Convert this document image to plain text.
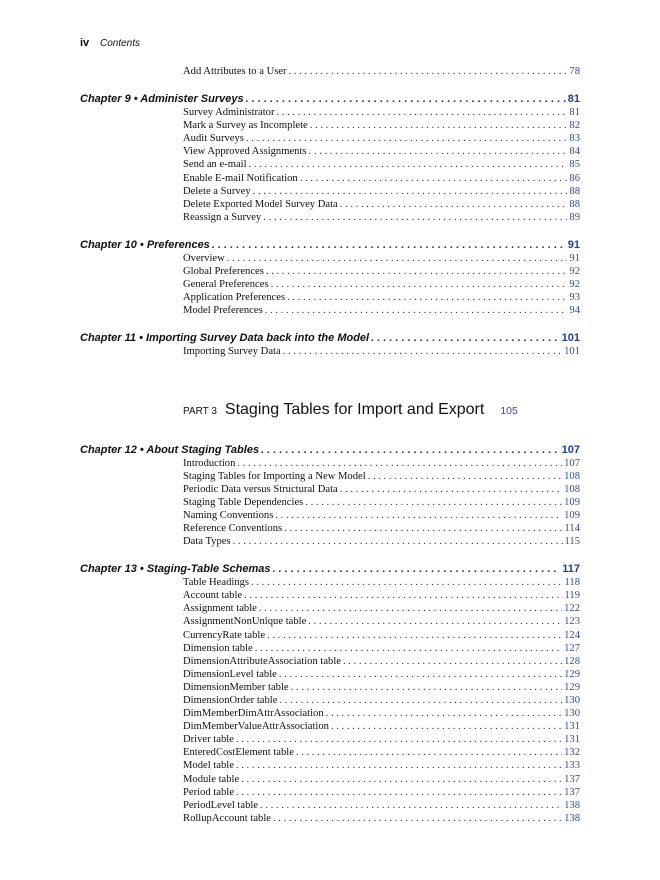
iv Contents
Add Attributes to a User . . .	78
Chapter 9 • Administer Surveys . . .	81
Survey Administrator . . .	81
Mark a Survey as Incomplete . . .	82
Audit Surveys . . .	83
View Approved Assignments . . .	84
Send an e-mail . . .	85
Enable E-mail Notification . . .	86
Delete a Survey . . .	88
Delete Exported Model Survey Data . . .	88
Reassign a Survey . . .	89
Chapter 10 • Preferences . . .	91
Overview . . .	91
Global Preferences . . .	92
General Preferences . . .	92
Application Preferences . . .	93
Model Preferences . . .	94
Chapter 11 • Importing Survey Data back into the Model . . .	101
Importing Survey Data . . .	101
PART 3 Staging Tables for Import and Export 105
Chapter 12 • About Staging Tables . . .	107
Introduction . . .	107
Staging Tables for Importing a New Model . . .	108
Periodic Data versus Structural Data . . .	108
Staging Table Dependencies . . .	109
Naming Conventions . . .	109
Reference Conventions . . .	114
Data Types . . .	115
Chapter 13 • Staging-Table Schemas . . .	117
Table Headings . . .	118
Account table . . .	119
Assignment table . . .	122
AssignmentNonUnique table . . .	123
CurrencyRate table . . .	124
Dimension table . . .	127
DimensionAttributeAssociation table . . .	128
DimensionLevel table . . .	129
DimensionMember table . . .	129
DimensionOrder table . . .	130
DimMemberDimAttrAssociation . . .	130
DimMemberValueAttrAssociation . . .	131
Driver table . . .	131
EnteredCostElement table . . .	132
Model table . . .	133
Module table . . .	137
Period table . . .	137
PeriodLevel table . . .	138
RollupAccount table . . .	138
